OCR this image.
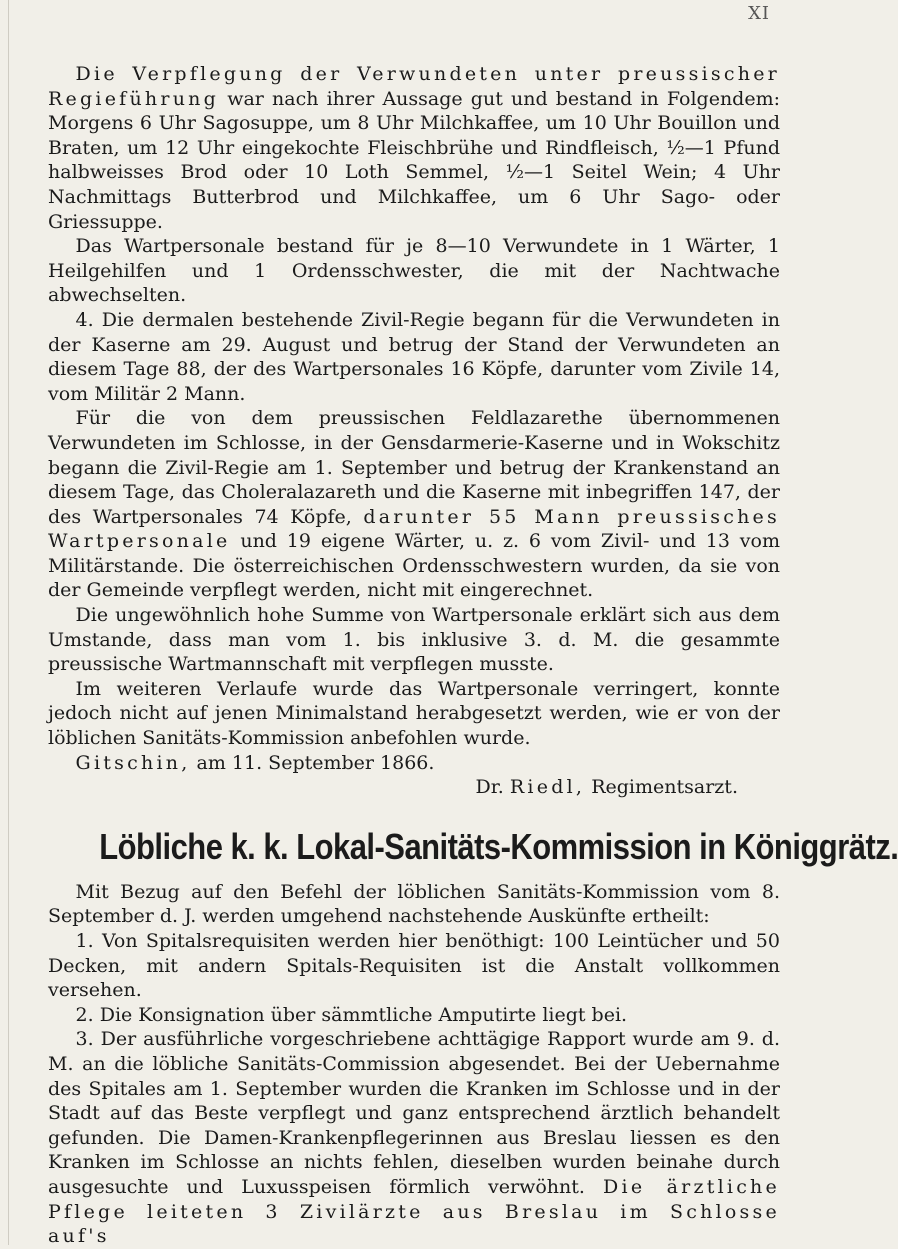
XI

Die Verpflegung der Verwundeten unter preussischer Regieführung war nach ihrer Aussage gut und bestand in Folgendem: Morgens 6 Uhr Sagosuppe, um 8 Uhr Milchkaffee, um 10 Uhr Bouillon und Braten, um 12 Uhr eingekochte Fleischbrühe und Rindfleisch, ½—1 Pfund halbweisses Brod oder 10 Loth Semmel, ½—1 Seitel Wein; 4 Uhr Nachmittags Butterbrod und Milchkaffee, um 6 Uhr Sago- oder Griessuppe.

Das Wartpersonale bestand für je 8—10 Verwundete in 1 Wärter, 1 Heilgehilfen und 1 Ordensschwester, die mit der Nachtwache abwechselten.

4. Die dermalen bestehende Zivil-Regie begann für die Verwundeten in der Kaserne am 29. August und betrug der Stand der Verwundeten an diesem Tage 88, der des Wartpersonales 16 Köpfe, darunter vom Zivile 14, vom Militär 2 Mann.

Für die von dem preussischen Feldlazarethe übernommenen Verwundeten im Schlosse, in der Gensdarmerie-Kaserne und in Wokschitz begann die Zivil-Regie am 1. September und betrug der Krankenstand an diesem Tage, das Choleralazareth und die Kaserne mit inbegriffen 147, der des Wartpersonales 74 Köpfe, darunter 55 Mann preussisches Wartpersonale und 19 eigene Wärter, u. z. 6 vom Zivil- und 13 vom Militärstande. Die österreichischen Ordensschwestern wurden, da sie von der Gemeinde verpflegt werden, nicht mit eingerechnet.

Die ungewöhnlich hohe Summe von Wartpersonale erklärt sich aus dem Umstande, dass man vom 1. bis inklusive 3. d. M. die gesammte preussische Wartmannschaft mit verpflegen musste.

Im weiteren Verlaufe wurde das Wartpersonale verringert, konnte jedoch nicht auf jenen Minimalstand herabgesetzt werden, wie er von der löblichen Sanitäts-Kommission anbefohlen wurde.

Gitschin, am 11. September 1866.

Dr. Riedl, Regimentsarzt.

Löbliche k. k. Lokal-Sanitäts-Kommission in Königgrätz.

Mit Bezug auf den Befehl der löblichen Sanitäts-Kommission vom 8. September d. J. werden umgehend nachstehende Auskünfte ertheilt:

1. Von Spitalsrequisiten werden hier benöthigt: 100 Leintücher und 50 Decken, mit andern Spitals-Requisiten ist die Anstalt vollkommen versehen.

2. Die Konsignation über sämmtliche Amputirte liegt bei.

3. Der ausführliche vorgeschriebene achttägige Rapport wurde am 9. d. M. an die löbliche Sanitäts-Commission abgesendet. Bei der Uebernahme des Spitales am 1. September wurden die Kranken im Schlosse und in der Stadt auf das Beste verpflegt und ganz entsprechend ärztlich behandelt gefunden. Die Damen-Krankenpflegerinnen aus Breslau liessen es den Kranken im Schlosse an nichts fehlen, dieselben wurden beinahe durch ausgesuchte und Luxusspeisen förmlich verwöhnt. Die ärztliche Pflege leiteten 3 Zivilärzte aus Breslau im Schlosse auf's
